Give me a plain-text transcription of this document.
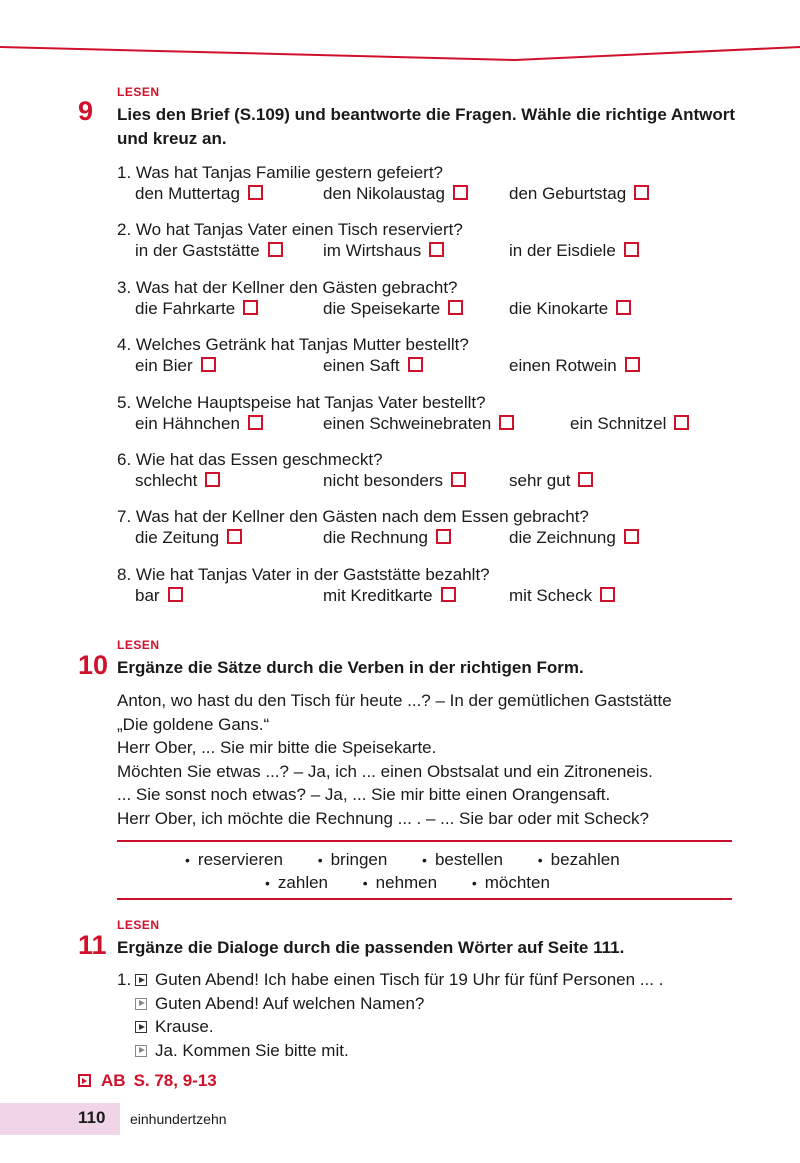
LESEN
9 Lies den Brief (S.109) und beantworte die Fragen. Wähle die richtige Antwort
und kreuz an.
1. Was hat Tanjas Familie gestern gefeiert?
den Muttertag	den Nikolaustag	den Geburtstag
2. Wo hat Tanjas Vater einen Tisch reserviert?
in der Gaststätte	im Wirtshaus	in der Eisdiele
3. Was hat der Kellner den Gästen gebracht?
die Fahrkarte	die Speisekarte	die Kinokarte
4. Welches Getränk hat Tanjas Mutter bestellt?
ein Bier	einen Saft	einen Rotwein
5. Welche Hauptspeise hat Tanjas Vater bestellt?
ein Hähnchen	einen Schweinebraten	ein Schnitzel
6. Wie hat das Essen geschmeckt?
schlecht	nicht besonders	sehr gut
7. Was hat der Kellner den Gästen nach dem Essen gebracht?
die Zeitung	die Rechnung	die Zeichnung
8. Wie hat Tanjas Vater in der Gaststätte bezahlt?
bar	mit Kreditkarte	mit Scheck
LESEN
10 Ergänze die Sätze durch die Verben in der richtigen Form.
Anton, wo hast du den Tisch für heute ...? – In der gemütlichen Gaststätte
„Die goldene Gans.“
Herr Ober, ... Sie mir bitte die Speisekarte.
Möchten Sie etwas ...? – Ja, ich ... einen Obstsalat und ein Zitroneneis.
... Sie sonst noch etwas? – Ja, ... Sie mir bitte einen Orangensaft.
Herr Ober, ich möchte die Rechnung ... . – ... Sie bar oder mit Scheck?
• reservieren • bringen • bestellen • bezahlen
• zahlen • nehmen • möchten
LESEN
11 Ergänze die Dialoge durch die passenden Wörter auf Seite 111.
1.	Guten Abend! Ich habe einen Tisch für 19 Uhr für fünf Personen ... .
Guten Abend! Auf welchen Namen?
Krause.
Ja. Kommen Sie bitte mit.
AB S. 78, 9-13
110 einhundertzehn
